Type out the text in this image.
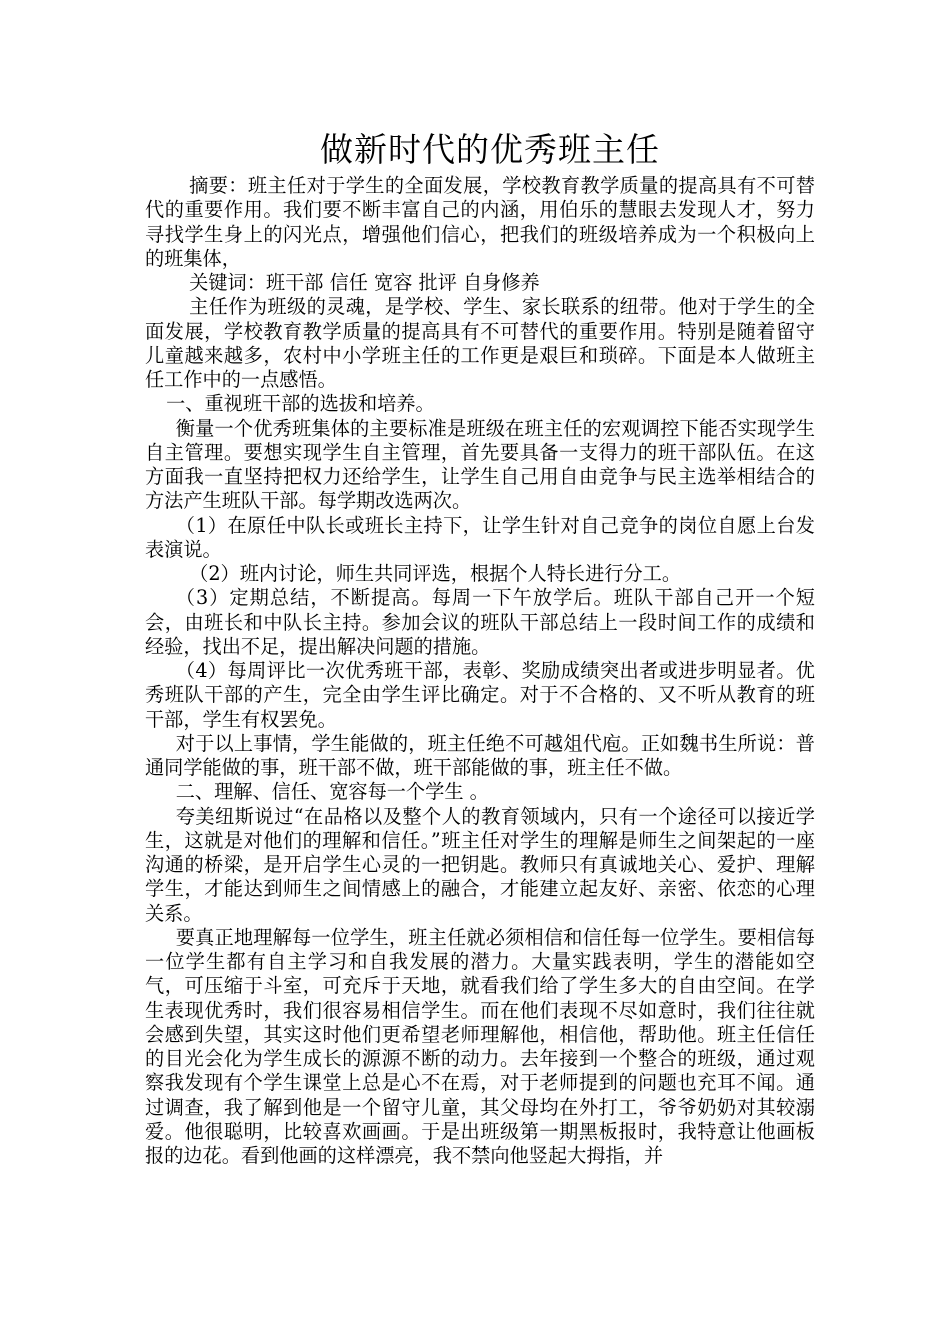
做新时代的优秀班主任

摘要：班主任对于学生的全面发展，学校教育教学质量的提高具有不可替代的重要作用。我们要不断丰富自己的内涵，用伯乐的慧眼去发现人才，努力寻找学生身上的闪光点，增强他们信心，把我们的班级培养成为一个积极向上的班集体，

关键词：班干部 信任 宽容 批评 自身修养

主任作为班级的灵魂，是学校、学生、家长联系的纽带。他对于学生的全面发展，学校教育教学质量的提高具有不可替代的重要作用。特别是随着留守儿童越来越多，农村中小学班主任的工作更是艰巨和琐碎。下面是本人做班主任工作中的一点感悟。

一、重视班干部的选拔和培养。

衡量一个优秀班集体的主要标准是班级在班主任的宏观调控下能否实现学生自主管理。要想实现学生自主管理，首先要具备一支得力的班干部队伍。在这方面我一直坚持把权力还给学生，让学生自己用自由竞争与民主选举相结合的方法产生班队干部。每学期改选两次。

（1）在原任中队长或班长主持下，让学生针对自己竞争的岗位自愿上台发表演说。

（2）班内讨论，师生共同评选，根据个人特长进行分工。

（3）定期总结，不断提高。每周一下午放学后。班队干部自己开一个短会，由班长和中队长主持。参加会议的班队干部总结上一段时间工作的成绩和经验，找出不足，提出解决问题的措施。

（4）每周评比一次优秀班干部，表彰、奖励成绩突出者或进步明显者。优秀班队干部的产生，完全由学生评比确定。对于不合格的、又不听从教育的班干部，学生有权罢免。

对于以上事情，学生能做的，班主任绝不可越俎代庖。正如魏书生所说：普通同学能做的事，班干部不做，班干部能做的事，班主任不做。

二、理解、信任、宽容每一个学生 。

夸美纽斯说过“在品格以及整个人的教育领域内，只有一个途径可以接近学生，这就是对他们的理解和信任。”班主任对学生的理解是师生之间架起的一座沟通的桥梁，是开启学生心灵的一把钥匙。教师只有真诚地关心、爱护、理解学生，才能达到师生之间情感上的融合，才能建立起友好、亲密、依恋的心理关系。

要真正地理解每一位学生，班主任就必须相信和信任每一位学生。要相信每一位学生都有自主学习和自我发展的潜力。大量实践表明，学生的潜能如空气，可压缩于斗室，可充斥于天地，就看我们给了学生多大的自由空间。在学生表现优秀时，我们很容易相信学生。而在他们表现不尽如意时，我们往往就会感到失望，其实这时他们更希望老师理解他，相信他，帮助他。班主任信任的目光会化为学生成长的源源不断的动力。去年接到一个整合的班级，通过观察我发现有个学生课堂上总是心不在焉，对于老师提到的问题也充耳不闻。通过调查，我了解到他是一个留守儿童，其父母均在外打工，爷爷奶奶对其较溺爱。他很聪明，比较喜欢画画。于是出班级第一期黑板报时，我特意让他画板报的边花。看到他画的这样漂亮，我不禁向他竖起大拇指，并
